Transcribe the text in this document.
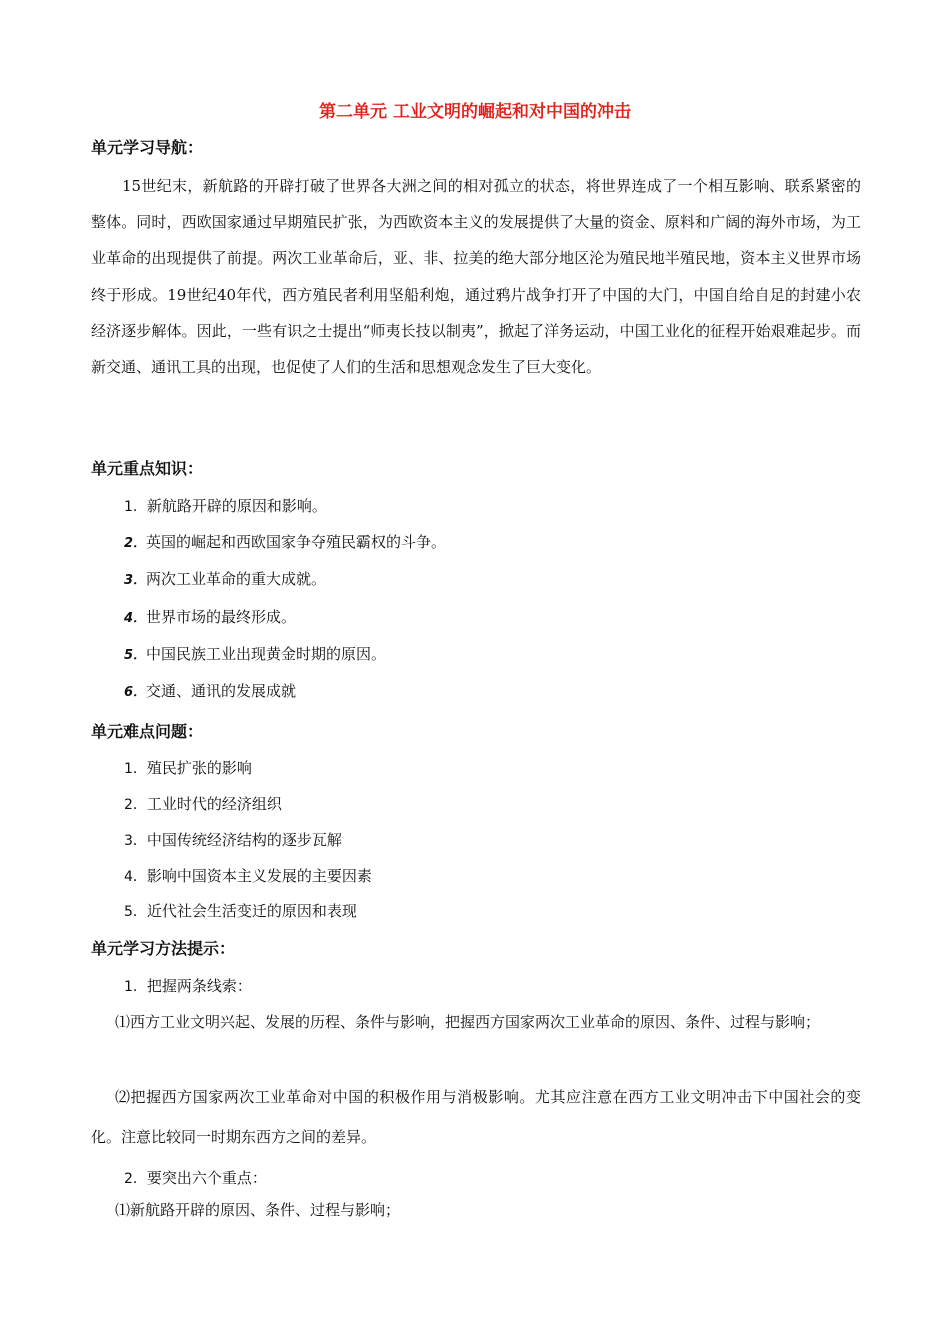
第二单元 工业文明的崛起和对中国的冲击
单元学习导航：
15世纪末，新航路的开辟打破了世界各大洲之间的相对孤立的状态，将世界连成了一个相互影响、联系紧密的整体。同时，西欧国家通过早期殖民扩张，为西欧资本主义的发展提供了大量的资金、原料和广阔的海外市场，为工业革命的出现提供了前提。两次工业革命后，亚、非、拉美的绝大部分地区沦为殖民地半殖民地，资本主义世界市场终于形成。19世纪40年代，西方殖民者利用坚船利炮，通过鸦片战争打开了中国的大门，中国自给自足的封建小农经济逐步解体。因此，一些有识之士提出“师夷长技以制夷”，掀起了洋务运动，中国工业化的征程开始艰难起步。而新交通、通讯工具的出现，也促使了人们的生活和思想观念发生了巨大变化。
单元重点知识：
1．新航路开辟的原因和影响。
2．英国的崛起和西欧国家争夺殖民霸权的斗争。
3．两次工业革命的重大成就。
4．世界市场的最终形成。
5．中国民族工业出现黄金时期的原因。
6．交通、通讯的发展成就
单元难点问题：
1．殖民扩张的影响
2．工业时代的经济组织
3．中国传统经济结构的逐步瓦解
4．影响中国资本主义发展的主要因素
5．近代社会生活变迁的原因和表现
单元学习方法提示：
1．把握两条线索：
⑴西方工业文明兴起、发展的历程、条件与影响，把握西方国家两次工业革命的原因、条件、过程与影响；
⑵把握西方国家两次工业革命对中国的积极作用与消极影响。尤其应注意在西方工业文明冲击下中国社会的变化。注意比较同一时期东西方之间的差异。
2．要突出六个重点：
⑴新航路开辟的原因、条件、过程与影响；
